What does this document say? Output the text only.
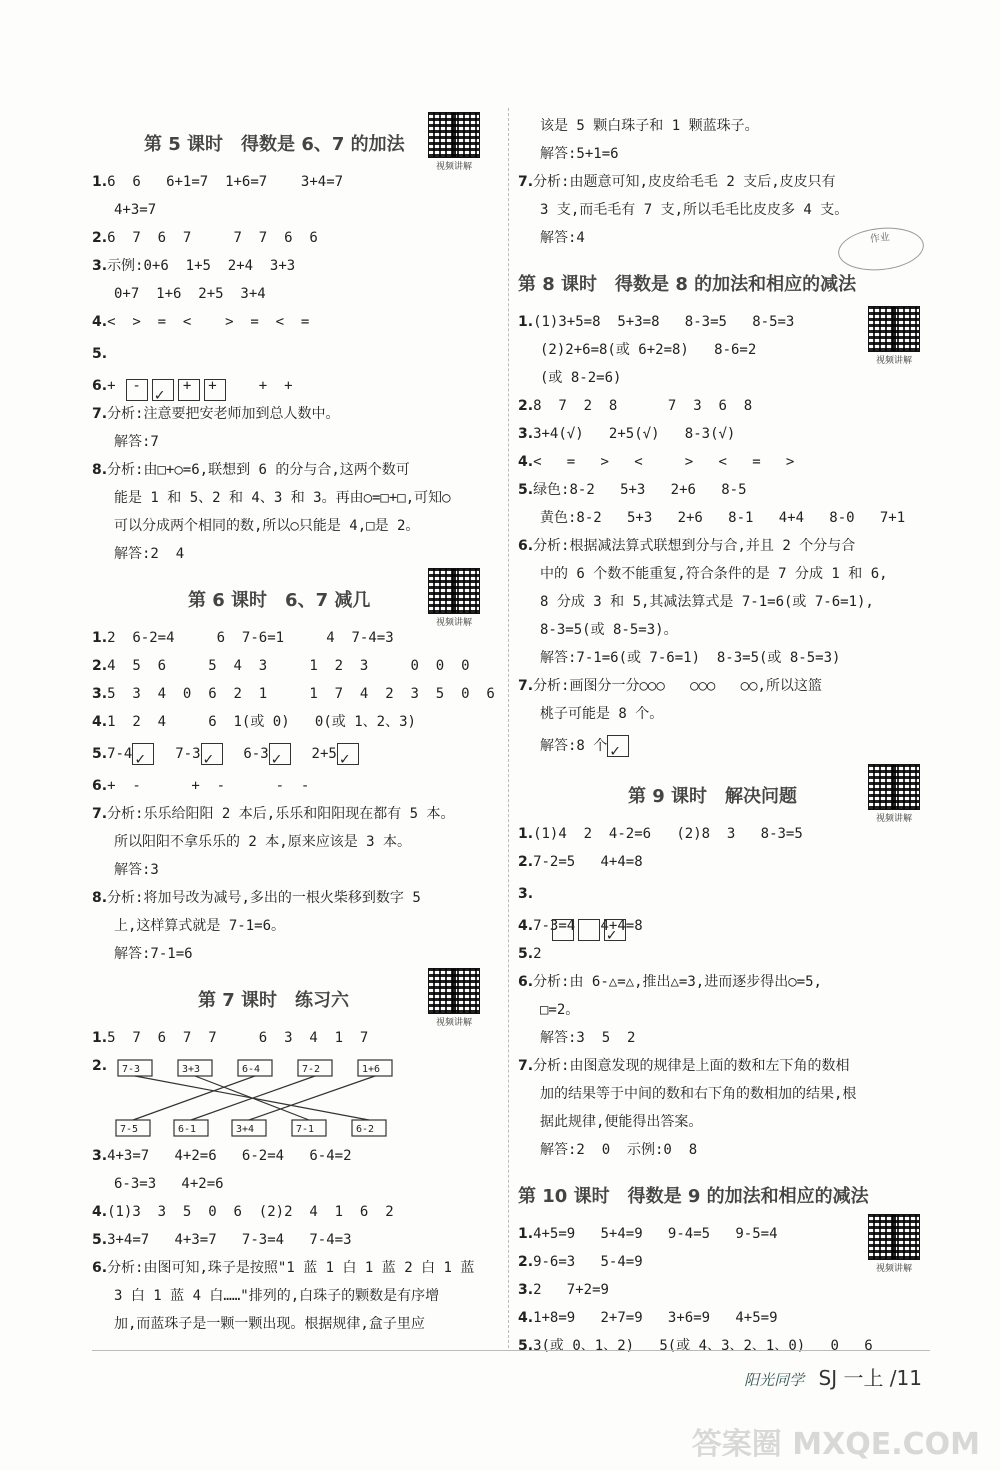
第 5 课时　得数是 6、7 的加法
视频讲解
1.6  6   6+1=7  1+6=7    3+4=7
4+3=7
2.6  7  6  7     7  7  6  6
3.示例:0+6  1+5  2+4  3+3
0+7  1+6  2+5  3+4
4.<  >  =  <    >  =  <  =
5.
✓
6.+  -     +  +     +  +
7.分析:注意要把安老师加到总人数中。
解答:7
8.分析:由□+○=6,联想到 6 的分与合,这两个数可
能是 1 和 5、2 和 4、3 和 3。再由○=□+□,可知○
可以分成两个相同的数,所以○只能是 4,□是 2。
解答:2  4
第 6 课时　6、7 减几
视频讲解
1.2  6-2=4     6  7-6=1     4  7-4=3
2.4  5  6     5  4  3     1  2  3     0  0  0
3.5  3  4  0  6  2  1     1  7  4  2  3  5  0  6
4.1  2  4     6  1(或 0)   0(或 1、2、3)
5.7-4 ✓	7-3 ✓	6-3 ✓	2+5 ✓
6.+  -      +  -      -  -
7.分析:乐乐给阳阳 2 本后,乐乐和阳阳现在都有 5 本。
所以阳阳不拿乐乐的 2 本,原来应该是 3 本。
解答:3
8.分析:将加号改为减号,多出的一根火柴移到数字 5
上,这样算式就是 7-1=6。
解答:7-1=6
第 7 课时　练习六
视频讲解
1.5  7  6  7  7     6  3  4  1  7
2. 7-3	3+3	6-4	7-2	1+6
7-5	6-1	3+4	7-1	6-2
3.4+3=7   4+2=6   6-2=4   6-4=2
6-3=3   4+2=6
4.(1)3  3  5  0  6  (2)2  4  1  6  2
5.3+4=7   4+3=7   7-3=4   7-4=3
6.分析:由图可知,珠子是按照"1 蓝 1 白 1 蓝 2 白 1 蓝
3 白 1 蓝 4 白……"排列的,白珠子的颗数是有序增
加,而蓝珠子是一颗一颗出现。根据规律,盒子里应
该是 5 颗白珠子和 1 颗蓝珠子。
解答:5+1=6
7.分析:由题意可知,皮皮给毛毛 2 支后,皮皮只有
3 支,而毛毛有 7 支,所以毛毛比皮皮多 4 支。
解答:4
第 8 课时　得数是 8 的加法和相应的减法
视频讲解
1.(1)3+5=8  5+3=8   8-3=5   8-5=3
(2)2+6=8(或 6+2=8)   8-6=2
(或 8-2=6)
2.8  7  2  8      7  3  6  8
3.3+4(√)   2+5(√)   8-3(√)
4.<   =   >   <     >   <   =   >
5.绿色:8-2   5+3   2+6   8-5
黄色:8-2   5+3   2+6   8-1   4+4   8-0   7+1
6.分析:根据减法算式联想到分与合,并且 2 个分与合
中的 6 个数不能重复,符合条件的是 7 分成 1 和 6,
8 分成 3 和 5,其减法算式是 7-1=6(或 7-6=1),
8-3=5(或 8-5=3)。
解答:7-1=6(或 7-6=1)  8-3=5(或 8-5=3)
7.分析:画图分一分○○○   ○○○   ○○,所以这篮
桃子可能是 8 个。
解答:8 个 ✓
第 9 课时　解决问题
视频讲解
1.(1)4  2  4-2=6   (2)8  3   8-3=5
2.7-2=5   4+4=8
3.
✓
4.7-3=4   4+4=8
5.2
6.分析:由 6-△=△,推出△=3,进而逐步得出○=5,
□=2。
解答:3  5  2
7.分析:由图意发现的规律是上面的数和左下角的数相
加的结果等于中间的数和右下角的数相加的结果,根
据此规律,便能得出答案。
解答:2  0  示例:0  8
第 10 课时　得数是 9 的加法和相应的减法
视频讲解
1.4+5=9   5+4=9   9-4=5   9-5=4
2.9-6=3   5-4=9
3.2   7+2=9
4.1+8=9   2+7=9   3+6=9   4+5=9
5.3(或 0、1、2)   5(或 4、3、2、1、0)   0   6
作业
阳光同学 SJ 一上 /11
答案圈 MXQE.COM
